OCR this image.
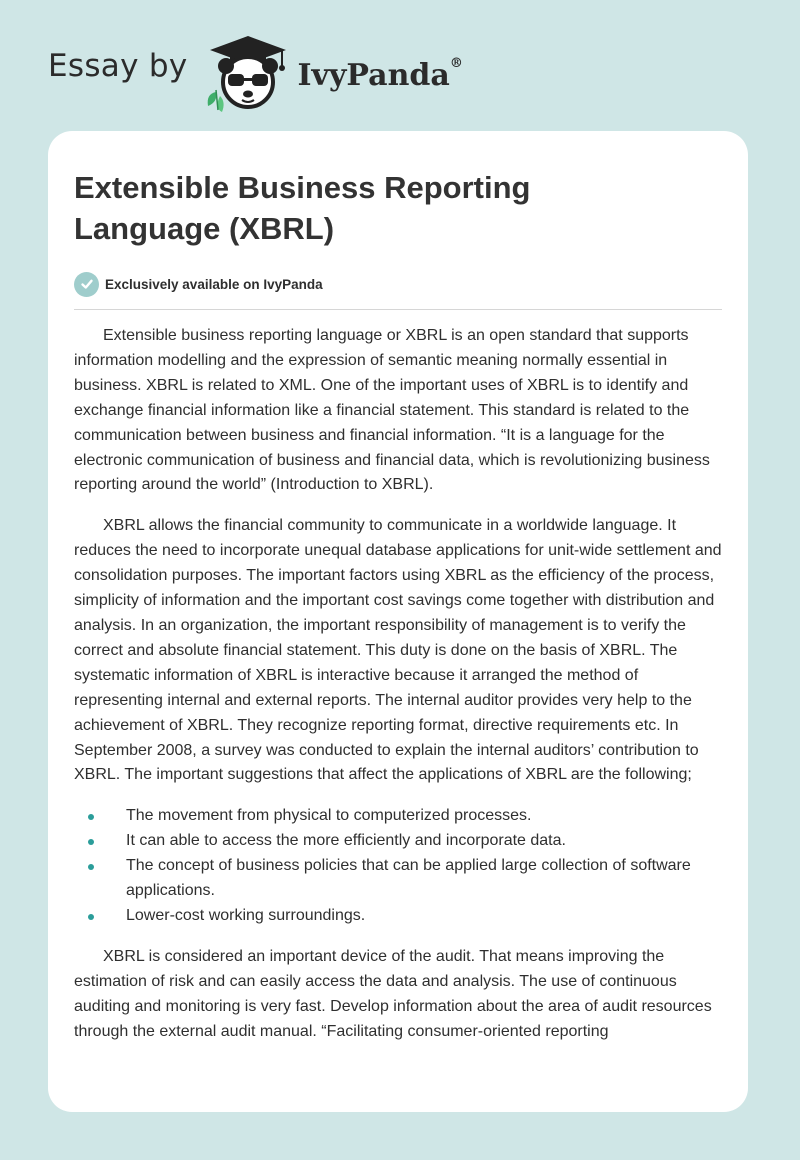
Essay by	IvyPanda®
Extensible Business Reporting Language (XBRL)
Exclusively available on IvyPanda

Extensible business reporting language or XBRL is an open standard that supports information modelling and the expression of semantic meaning normally essential in business. XBRL is related to XML. One of the important uses of XBRL is to identify and exchange financial information like a financial statement. This standard is related to the communication between business and financial information. “It is a language for the electronic communication of business and financial data, which is revolutionizing business reporting around the world” (Introduction to XBRL).

XBRL allows the financial community to communicate in a worldwide language. It reduces the need to incorporate unequal database applications for unit-wide settlement and consolidation purposes. The important factors using XBRL as the efficiency of the process, simplicity of information and the important cost savings come together with distribution and analysis. In an organization, the important responsibility of management is to verify the correct and absolute financial statement. This duty is done on the basis of XBRL. The systematic information of XBRL is interactive because it arranged the method of representing internal and external reports. The internal auditor provides very help to the achievement of XBRL. They recognize reporting format, directive requirements etc. In September 2008, a survey was conducted to explain the internal auditors’ contribution to XBRL. The important suggestions that affect the applications of XBRL are the following;

The movement from physical to computerized processes.
It can able to access the more efficiently and incorporate data.
The concept of business policies that can be applied large collection of software applications.
Lower-cost working surroundings.

XBRL is considered an important device of the audit. That means improving the estimation of risk and can easily access the data and analysis. The use of continuous auditing and monitoring is very fast. Develop information about the area of audit resources through the external audit manual. “Facilitating consumer-oriented reporting
